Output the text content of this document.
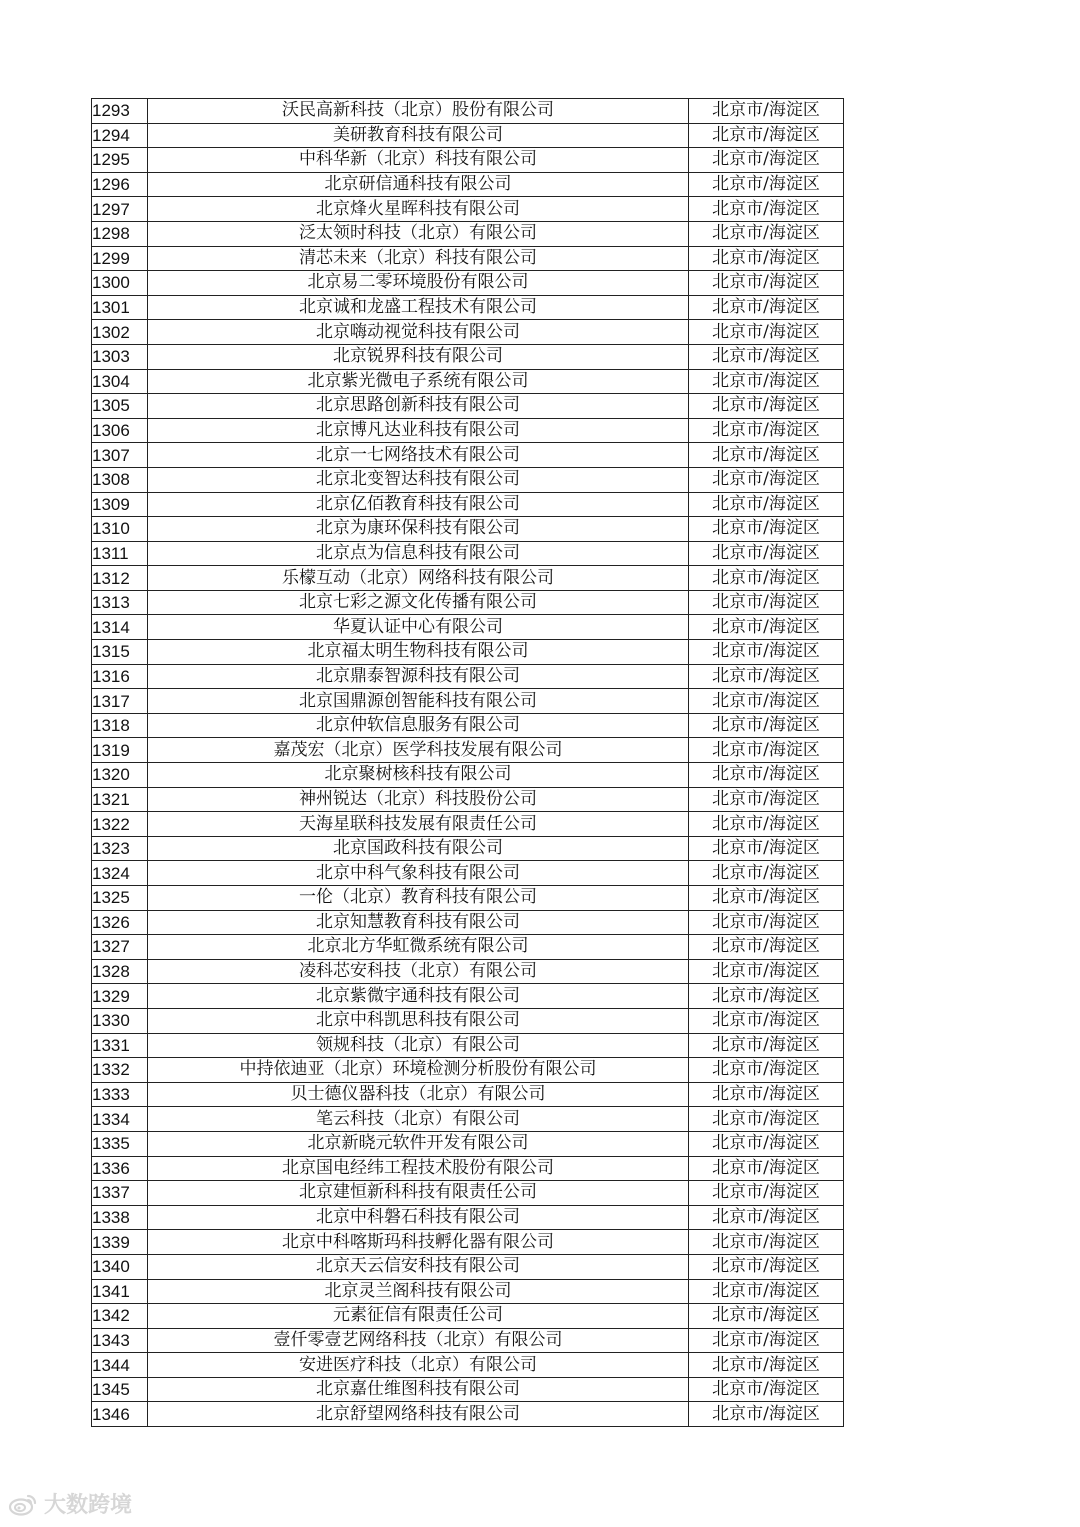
1293	沃民高新科技（北京）股份有限公司	北京市/海淀区
1294	美研教育科技有限公司	北京市/海淀区
1295	中科华新（北京）科技有限公司	北京市/海淀区
1296	北京研信通科技有限公司	北京市/海淀区
1297	北京烽火星晖科技有限公司	北京市/海淀区
1298	泛太领时科技（北京）有限公司	北京市/海淀区
1299	清芯未来（北京）科技有限公司	北京市/海淀区
1300	北京易二零环境股份有限公司	北京市/海淀区
1301	北京诚和龙盛工程技术有限公司	北京市/海淀区
1302	北京嗨动视觉科技有限公司	北京市/海淀区
1303	北京锐界科技有限公司	北京市/海淀区
1304	北京紫光微电子系统有限公司	北京市/海淀区
1305	北京思路创新科技有限公司	北京市/海淀区
1306	北京博凡达业科技有限公司	北京市/海淀区
1307	北京一七网络技术有限公司	北京市/海淀区
1308	北京北变智达科技有限公司	北京市/海淀区
1309	北京亿佰教育科技有限公司	北京市/海淀区
1310	北京为康环保科技有限公司	北京市/海淀区
1311	北京点为信息科技有限公司	北京市/海淀区
1312	乐檬互动（北京）网络科技有限公司	北京市/海淀区
1313	北京七彩之源文化传播有限公司	北京市/海淀区
1314	华夏认证中心有限公司	北京市/海淀区
1315	北京福太明生物科技有限公司	北京市/海淀区
1316	北京鼎泰智源科技有限公司	北京市/海淀区
1317	北京国鼎源创智能科技有限公司	北京市/海淀区
1318	北京仲软信息服务有限公司	北京市/海淀区
1319	嘉茂宏（北京）医学科技发展有限公司	北京市/海淀区
1320	北京聚树核科技有限公司	北京市/海淀区
1321	神州锐达（北京）科技股份公司	北京市/海淀区
1322	天海星联科技发展有限责任公司	北京市/海淀区
1323	北京国政科技有限公司	北京市/海淀区
1324	北京中科气象科技有限公司	北京市/海淀区
1325	一伦（北京）教育科技有限公司	北京市/海淀区
1326	北京知慧教育科技有限公司	北京市/海淀区
1327	北京北方华虹微系统有限公司	北京市/海淀区
1328	凌科芯安科技（北京）有限公司	北京市/海淀区
1329	北京紫微宇通科技有限公司	北京市/海淀区
1330	北京中科凯思科技有限公司	北京市/海淀区
1331	领规科技（北京）有限公司	北京市/海淀区
1332	中持依迪亚（北京）环境检测分析股份有限公司	北京市/海淀区
1333	贝士德仪器科技（北京）有限公司	北京市/海淀区
1334	笔云科技（北京）有限公司	北京市/海淀区
1335	北京新晓元软件开发有限公司	北京市/海淀区
1336	北京国电经纬工程技术股份有限公司	北京市/海淀区
1337	北京建恒新科科技有限责任公司	北京市/海淀区
1338	北京中科磐石科技有限公司	北京市/海淀区
1339	北京中科喀斯玛科技孵化器有限公司	北京市/海淀区
1340	北京天云信安科技有限公司	北京市/海淀区
1341	北京灵兰阁科技有限公司	北京市/海淀区
1342	元素征信有限责任公司	北京市/海淀区
1343	壹仟零壹艺网络科技（北京）有限公司	北京市/海淀区
1344	安进医疗科技（北京）有限公司	北京市/海淀区
1345	北京嘉仕维图科技有限公司	北京市/海淀区
1346	北京舒望网络科技有限公司	北京市/海淀区
大数跨境
